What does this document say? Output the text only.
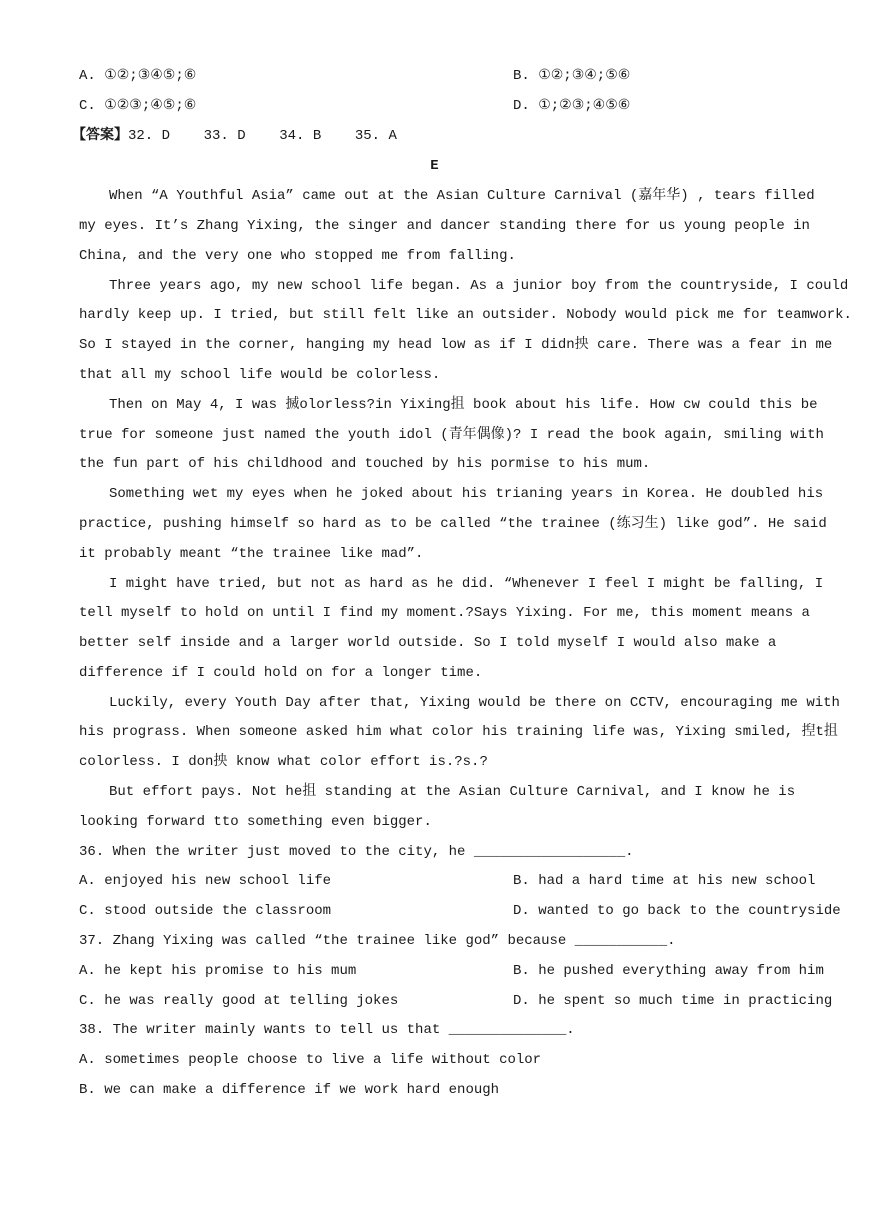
A. ①②;③④⑤;⑥	B. ①②;③④;⑤⑥
C. ①②③;④⑤;⑥	D. ①;②③;④⑤⑥
【答案】32. D    33. D    34. B    35. A
E
When “A Youthful Asia” came out at the Asian Culture Carnival (嘉年华) , tears filled
my eyes. It’s Zhang Yixing, the singer and dancer standing there for us young people in
China, and the very one who stopped me from falling.
Three years ago, my new school life began. As a junior boy from the countryside, I could
hardly keep up. I tried, but still felt like an outsider. Nobody would pick me for teamwork.
So I stayed in the corner, hanging my head low as if I didn抰 care. There was a fear in me
that all my school life would be colorless.
Then on May 4, I was 搣olorless?in Yixing抯 book about his life. How cw could this be
true for someone just named the youth idol (青年偶像)? I read the book again, smiling with
the fun part of his childhood and touched by his pormise to his mum.
Something wet my eyes when he joked about his trianing years in Korea. He doubled his
practice, pushing himself so hard as to be called “the trainee (练习生) like god”. He said
it probably meant “the trainee like mad”.
I might have tried, but not as hard as he did. “Whenever I feel I might be falling, I
tell myself to hold on until I find my moment.?Says Yixing. For me, this moment means a
better self inside and a larger world outside. So I told myself I would also make a
difference if I could hold on for a longer time.
Luckily, every Youth Day after that, Yixing would be there on CCTV, encouraging me with
his prograss. When someone asked him what color his training life was, Yixing smiled, 揑t抯
colorless. I don抰 know what color effort is.?s.?
But effort pays. Not he抯 standing at the Asian Culture Carnival, and I know he is
looking forward tto something even bigger.
36. When the writer just moved to the city, he __________________.
A. enjoyed his new school life	B. had a hard time at his new school
C. stood outside the classroom	D. wanted to go back to the countryside
37. Zhang Yixing was called “the trainee like god” because ___________.
A. he kept his promise to his mum	B. he pushed everything away from him
C. he was really good at telling jokes	D. he spent so much time in practicing
38. The writer mainly wants to tell us that ______________.
A. sometimes people choose to live a life without color
B. we can make a difference if we work hard enough
